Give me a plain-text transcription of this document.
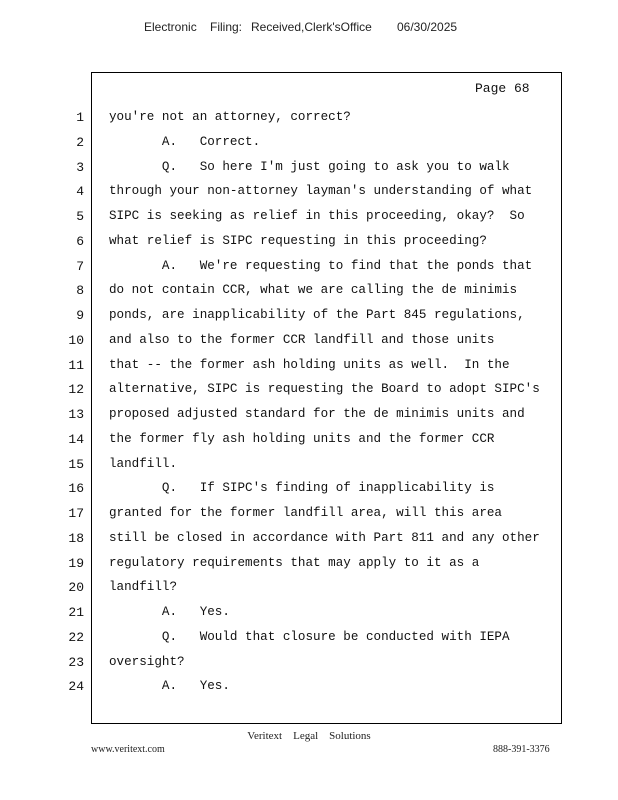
Electronic Filing: Received,Clerk'sOffice 06/30/2025
Page 68
1 you're not an attorney, correct?
2 A.   Correct.
3 Q.   So here I'm just going to ask you to walk
4 through your non-attorney layman's understanding of what
5 SIPC is seeking as relief in this proceeding, okay?  So
6 what relief is SIPC requesting in this proceeding?
7 A.   We're requesting to find that the ponds that
8 do not contain CCR, what we are calling the de minimis
9 ponds, are inapplicability of the Part 845 regulations,
10 and also to the former CCR landfill and those units
11 that -- the former ash holding units as well.  In the
12 alternative, SIPC is requesting the Board to adopt SIPC's
13 proposed adjusted standard for the de minimis units and
14 the former fly ash holding units and the former CCR
15 landfill.
16 Q.   If SIPC's finding of inapplicability is
17 granted for the former landfill area, will this area
18 still be closed in accordance with Part 811 and any other
19 regulatory requirements that may apply to it as a
20 landfill?
21 A.   Yes.
22 Q.   Would that closure be conducted with IEPA
23 oversight?
24 A.   Yes.
Veritext    Legal    Solutions
www.veritext.com	888-391-3376
